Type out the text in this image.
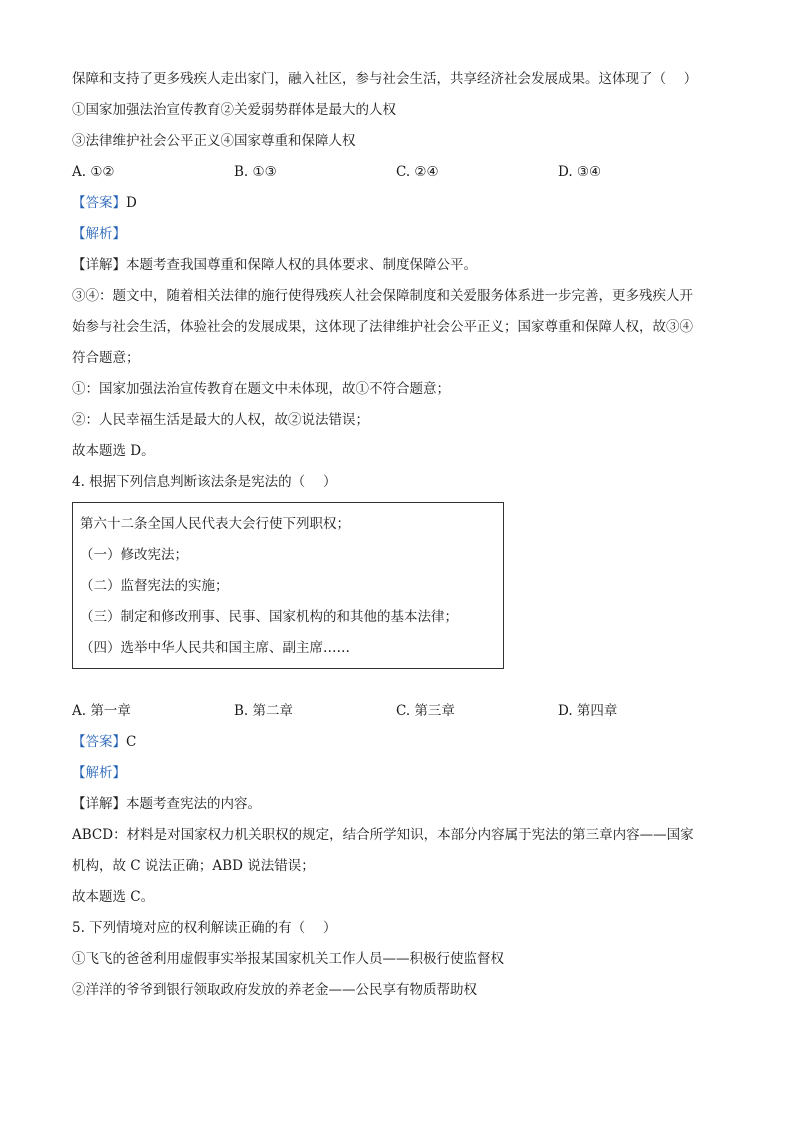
保障和支持了更多残疾人走出家门，融入社区，参与社会生活，共享经济社会发展成果。这体现了（　 ）
①国家加强法治宣传教育②关爱弱势群体是最大的人权
③法律维护社会公平正义④国家尊重和保障人权
A. ①②	B. ①③	C. ②④	D. ③④
【答案】D
【解析】
【详解】本题考查我国尊重和保障人权的具体要求、制度保障公平。
③④：题文中，随着相关法律的施行使得残疾人社会保障制度和关爱服务体系进一步完善，更多残疾人开
始参与社会生活，体验社会的发展成果，这体现了法律维护社会公平正义；国家尊重和保障人权，故③④
符合题意；
①：国家加强法治宣传教育在题文中未体现，故①不符合题意；
②：人民幸福生活是最大的人权，故②说法错误；
故本题选 D。
4. 根据下列信息判断该法条是宪法的（　 ）
第六十二条全国人民代表大会行使下列职权；
（一）修改宪法；
（二）监督宪法的实施；
（三）制定和修改刑事、民事、国家机构的和其他的基本法律；
（四）选举中华人民共和国主席、副主席……
A. 第一章	B. 第二章	C. 第三章	D. 第四章
【答案】C
【解析】
【详解】本题考查宪法的内容。
ABCD：材料是对国家权力机关职权的规定，结合所学知识，本部分内容属于宪法的第三章内容——国家
机构，故 C 说法正确；ABD 说法错误；
故本题选 C。
5. 下列情境对应的权利解读正确的有（　 ）
①飞飞的爸爸利用虚假事实举报某国家机关工作人员——积极行使监督权
②洋洋的爷爷到银行领取政府发放的养老金——公民享有物质帮助权
